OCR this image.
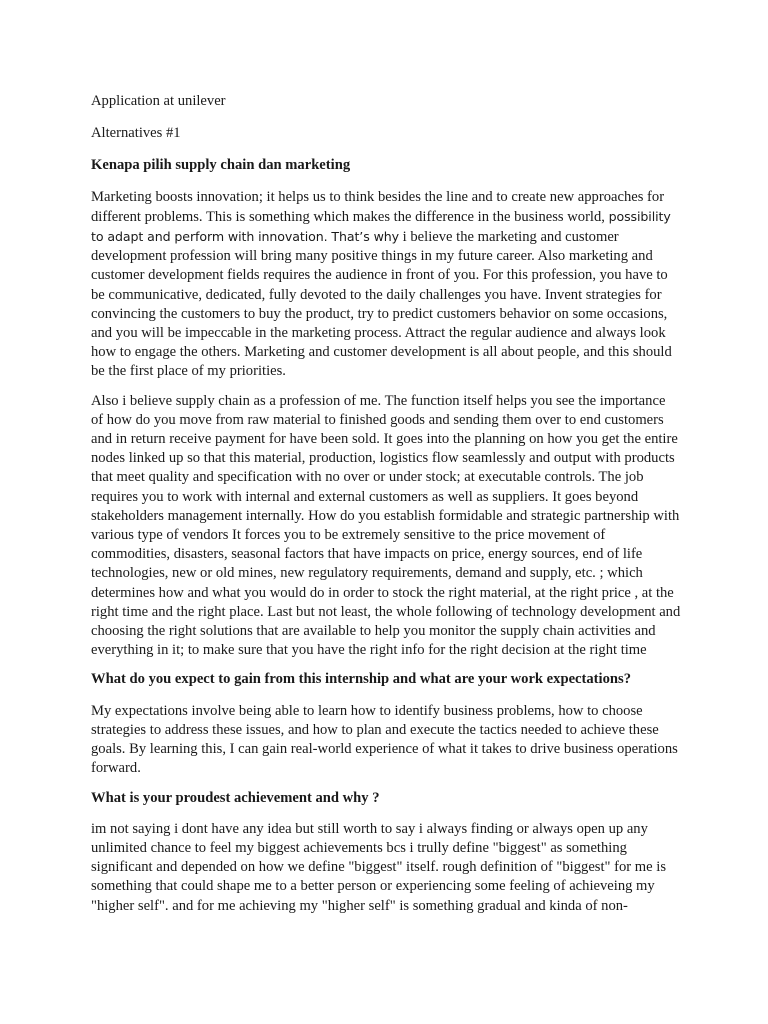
Application at unilever

Alternatives #1

Kenapa pilih supply chain dan marketing

Marketing boosts innovation; it helps us to think besides the line and to create new approaches for different problems. This is something which makes the difference in the business world, possibility to adapt and perform with innovation. That’s why i believe the marketing and customer development profession will bring many positive things in my future career. Also marketing and customer development fields requires the audience in front of you. For this profession, you have to be communicative, dedicated, fully devoted to the daily challenges you have. Invent strategies for convincing the customers to buy the product, try to predict customers behavior on some occasions, and you will be impeccable in the marketing process. Attract the regular audience and always look how to engage the others. Marketing and customer development is all about people, and this should be the first place of my priorities.

Also i believe supply chain as a profession of me. The function itself helps you see the importance of how do you move from raw material to finished goods and sending them over to end customers and in return receive payment for have been sold. It goes into the planning on how you get the entire nodes linked up so that this material, production, logistics flow seamlessly and output with products that meet quality and specification with no over or under stock; at executable controls. The job requires you to work with internal and external customers as well as suppliers. It goes beyond stakeholders management internally. How do you establish formidable and strategic partnership with various type of vendors It forces you to be extremely sensitive to the price movement of commodities, disasters, seasonal factors that have impacts on price, energy sources, end of life technologies, new or old mines, new regulatory requirements, demand and supply, etc. ; which determines how and what you would do in order to stock the right material, at the right price , at the right time and the right place. Last but not least, the whole following of technology development and choosing the right solutions that are available to help you monitor the supply chain activities and everything in it; to make sure that you have the right info for the right decision at the right time

What do you expect to gain from this internship and what are your work expectations?

My expectations involve being able to learn how to identify business problems, how to choose strategies to address these issues, and how to plan and execute the tactics needed to achieve these goals. By learning this, I can gain real-world experience of what it takes to drive business operations forward.

What is your proudest achievement and why ?

im not saying i dont have any idea but still worth to say i always finding or always open up any unlimited chance to feel my biggest achievements bcs i trully define "biggest" as something significant and depended on how we define "biggest" itself. rough definition of "biggest" for me is something that could shape me to a better person or experiencing some feeling of achieveing my "higher self". and for me achieving my "higher self" is something gradual and kinda of non-
